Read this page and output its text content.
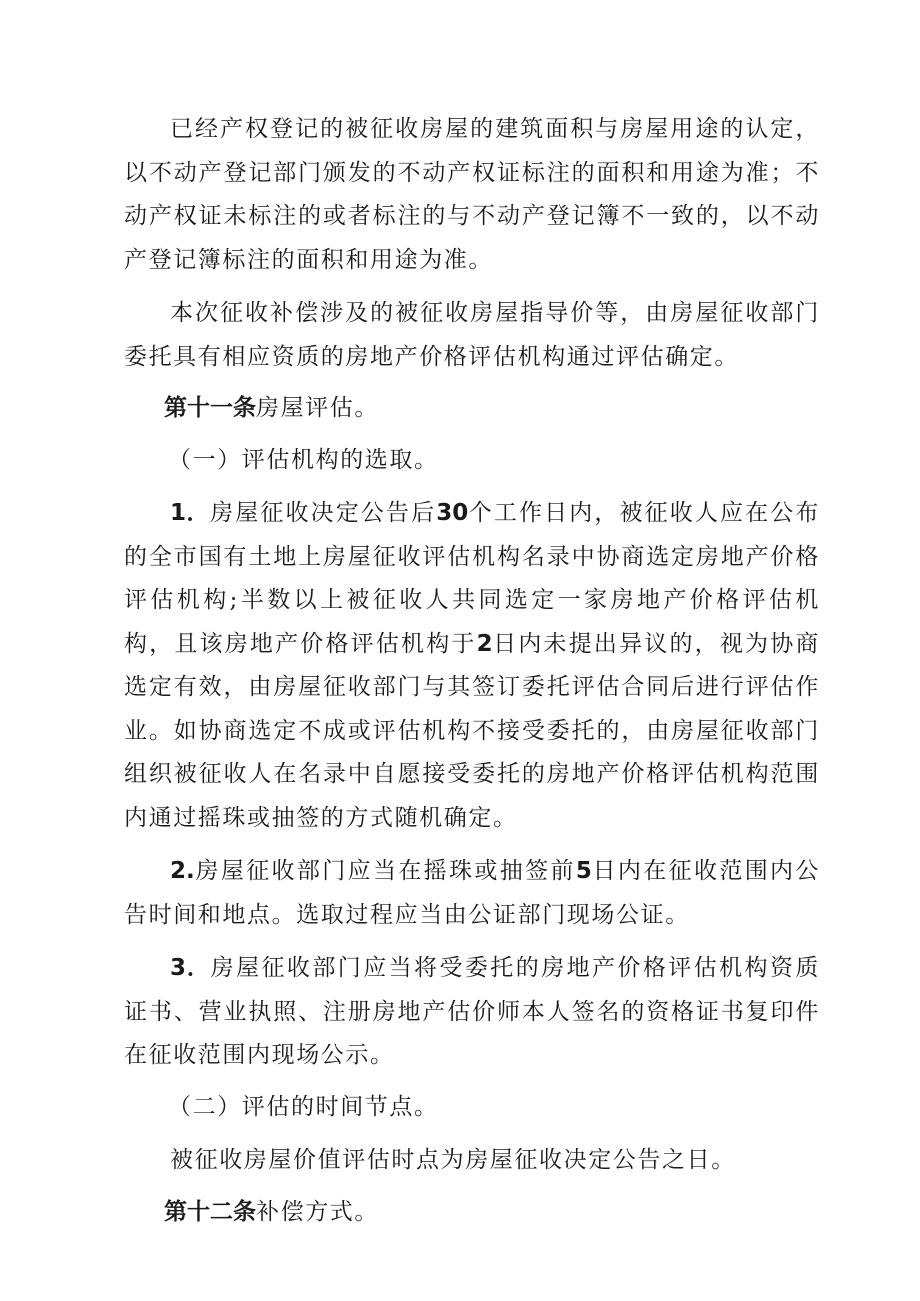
已经产权登记的被征收房屋的建筑面积与房屋用途的认定，以不动产登记部门颁发的不动产权证标注的面积和用途为准；不动产权证未标注的或者标注的与不动产登记簿不一致的，以不动产登记簿标注的面积和用途为准。

本次征收补偿涉及的被征收房屋指导价等，由房屋征收部门委托具有相应资质的房地产价格评估机构通过评估确定。

第十一条房屋评估。

（一）评估机构的选取。

1．房屋征收决定公告后30个工作日内，被征收人应在公布的全市国有土地上房屋征收评估机构名录中协商选定房地产价格评估机构;半数以上被征收人共同选定一家房地产价格评估机构，且该房地产价格评估机构于2日内未提出异议的，视为协商选定有效，由房屋征收部门与其签订委托评估合同后进行评估作业。如协商选定不成或评估机构不接受委托的，由房屋征收部门组织被征收人在名录中自愿接受委托的房地产价格评估机构范围内通过摇珠或抽签的方式随机确定。

2.房屋征收部门应当在摇珠或抽签前5日内在征收范围内公告时间和地点。选取过程应当由公证部门现场公证。

3．房屋征收部门应当将受委托的房地产价格评估机构资质证书、营业执照、注册房地产估价师本人签名的资格证书复印件在征收范围内现场公示。

（二）评估的时间节点。

被征收房屋价值评估时点为房屋征收决定公告之日。

第十二条补偿方式。
